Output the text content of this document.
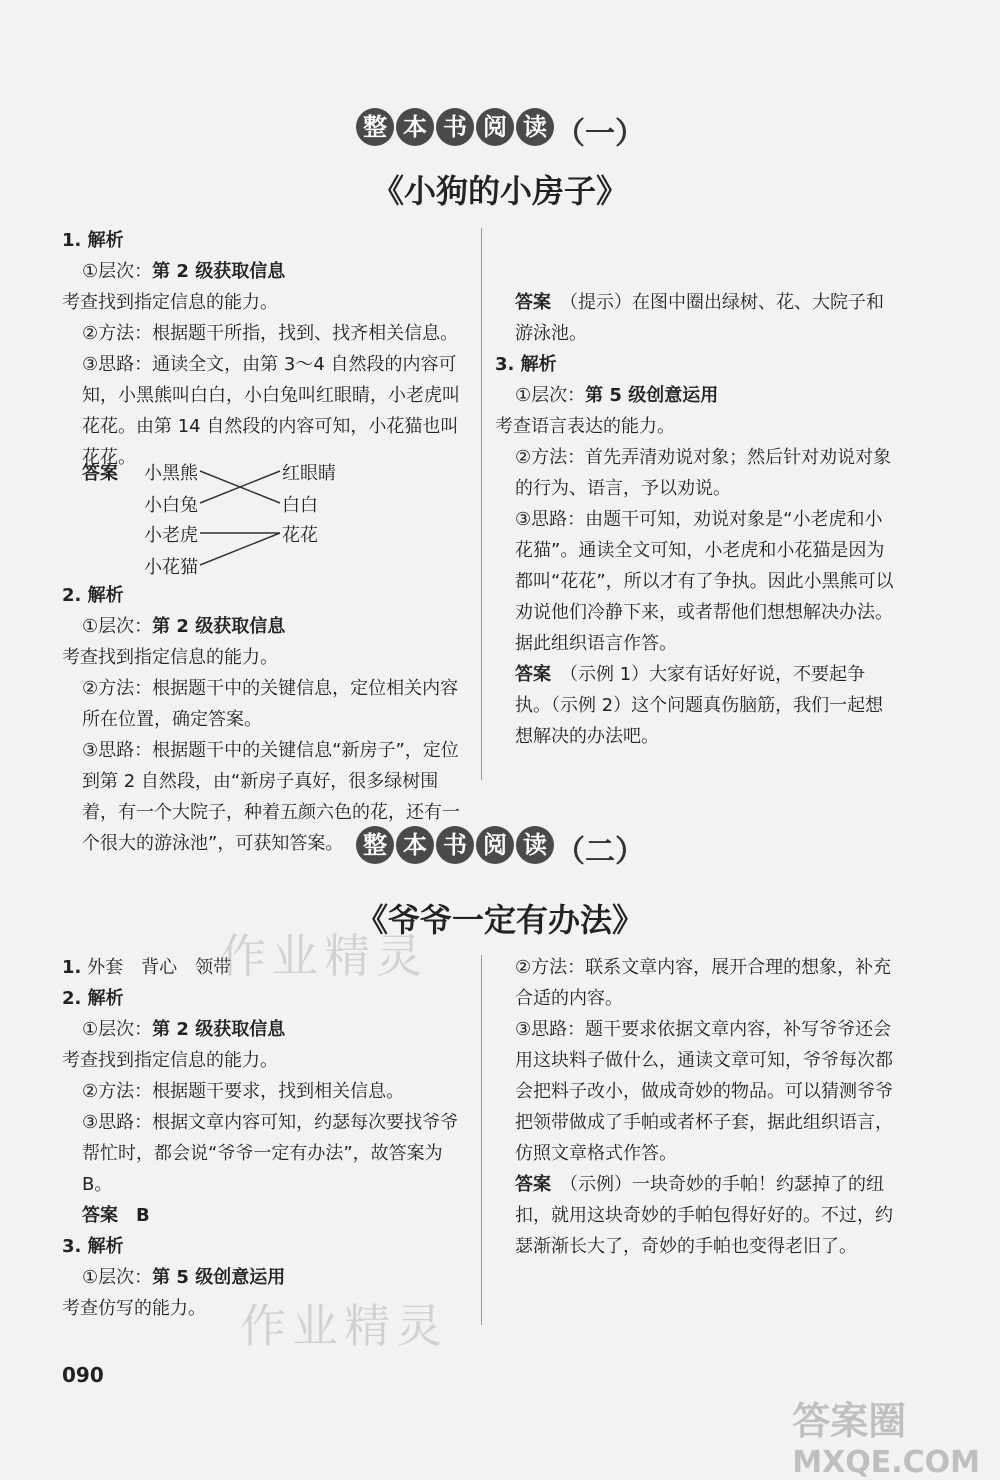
整 本 书 阅 读 （一）
《小狗的小房子》

1. 解析

①层次：第 2 级获取信息

考查找到指定信息的能力。

②方法：根据题干所指，找到、找齐相关信息。

③思路：通读全文，由第 3～4 自然段的内容可知，小黑熊叫白白，小白兔叫红眼睛，小老虎叫花花。由第 14 自然段的内容可知，小花猫也叫花花。

答案 小黑熊
小白兔
小老虎
小花猫
红眼睛
白白
花花

2. 解析

①层次：第 2 级获取信息

考查找到指定信息的能力。

②方法：根据题干中的关键信息，定位相关内容所在位置，确定答案。

③思路：根据题干中的关键信息“新房子”，定位到第 2 自然段，由“新房子真好，很多绿树围着，有一个大院子，种着五颜六色的花，还有一个很大的游泳池”，可获知答案。

答案　 （提示）在图中圈出绿树、花、大院子和游泳池。

3. 解析

①层次：第 5 级创意运用

考查语言表达的能力。

②方法：首先弄清劝说对象；然后针对劝说对象的行为、语言，予以劝说。

③思路：由题干可知，劝说对象是“小老虎和小花猫”。通读全文可知，小老虎和小花猫是因为都叫“花花”，所以才有了争执。因此小黑熊可以劝说他们冷静下来，或者帮他们想想解决办法。据此组织语言作答。

答案　 （示例 1）大家有话好好说，不要起争执。（示例 2）这个问题真伤脑筋，我们一起想想解决的办法吧。

整 本 书 阅 读 （二）
《爷爷一定有办法》

1. 外套　背心　领带

2. 解析

①层次：第 2 级获取信息

考查找到指定信息的能力。

②方法：根据题干要求，找到相关信息。

③思路：根据文章内容可知，约瑟每次要找爷爷帮忙时，都会说“爷爷一定有办法”，故答案为 B。

答案　 B

3. 解析

①层次：第 5 级创意运用

考查仿写的能力。

②方法：联系文章内容，展开合理的想象，补充合适的内容。

③思路：题干要求依据文章内容，补写爷爷还会用这块料子做什么，通读文章可知，爷爷每次都会把料子改小，做成奇妙的物品。可以猜测爷爷把领带做成了手帕或者杯子套，据此组织语言，仿照文章格式作答。

答案　 （示例）一块奇妙的手帕！约瑟掉了的纽扣，就用这块奇妙的手帕包得好好的。不过，约瑟渐渐长大了，奇妙的手帕也变得老旧了。

作业精灵
作业精灵
090
答案圈
MXQE.COM
